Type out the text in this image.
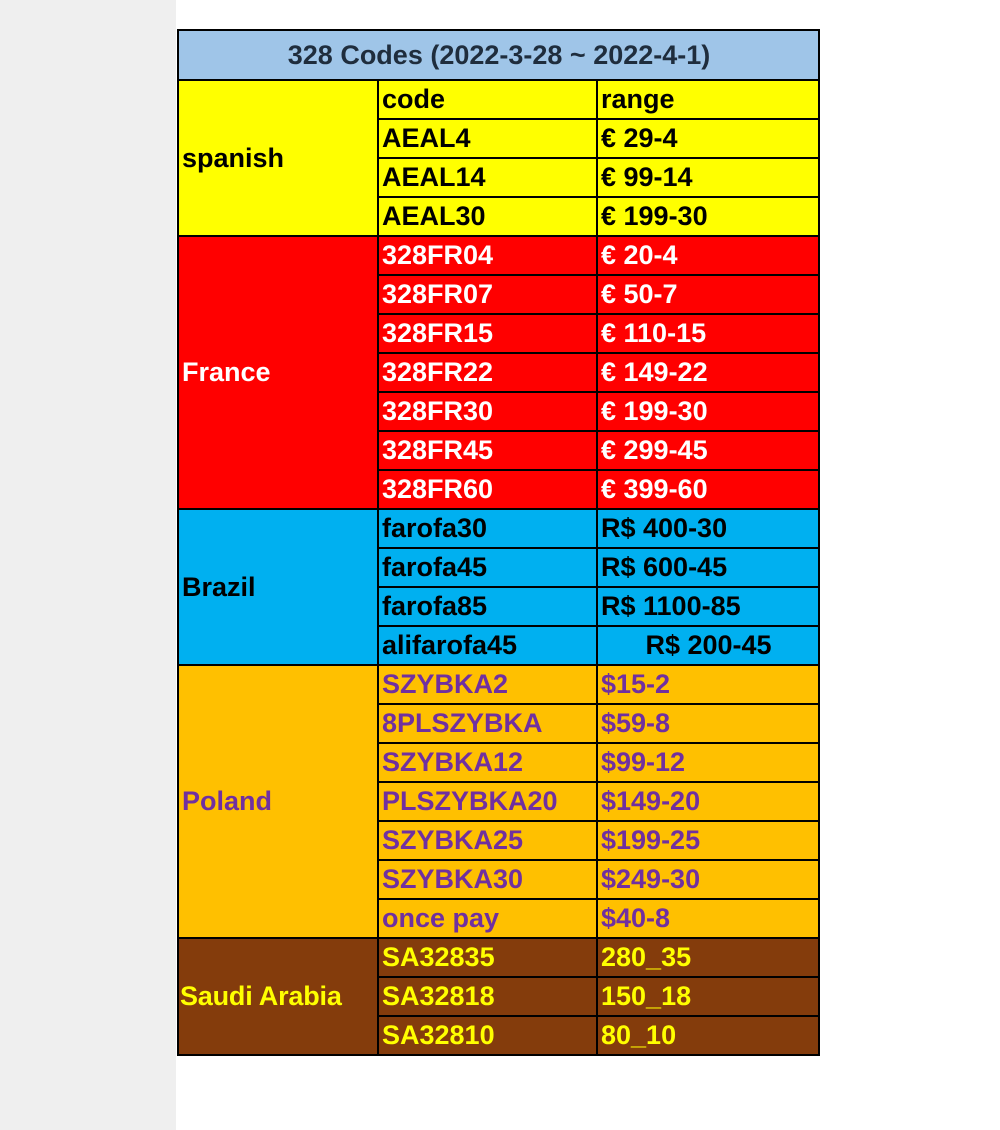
328 Codes (2022-3-28 ~ 2022-4-1)		
spanish	code	range
	AEAL4	€ 29-4
	AEAL14	€ 99-14
	AEAL30	€ 199-30
France	328FR04	€ 20-4
	328FR07	€ 50-7
	328FR15	€ 110-15
	328FR22	€ 149-22
	328FR30	€ 199-30
	328FR45	€ 299-45
	328FR60	€ 399-60
Brazil	farofa30	R$ 400-30
	farofa45	R$ 600-45
	farofa85	R$ 1100-85
	alifarofa45	R$ 200-45
Poland	SZYBKA2	$15-2
	8PLSZYBKA	$59-8
	SZYBKA12	$99-12
	PLSZYBKA20	$149-20
	SZYBKA25	$199-25
	SZYBKA30	$249-30
	once pay	$40-8
Saudi Arabia	SA32835	280_35
	SA32818	150_18
	SA32810	80_10
